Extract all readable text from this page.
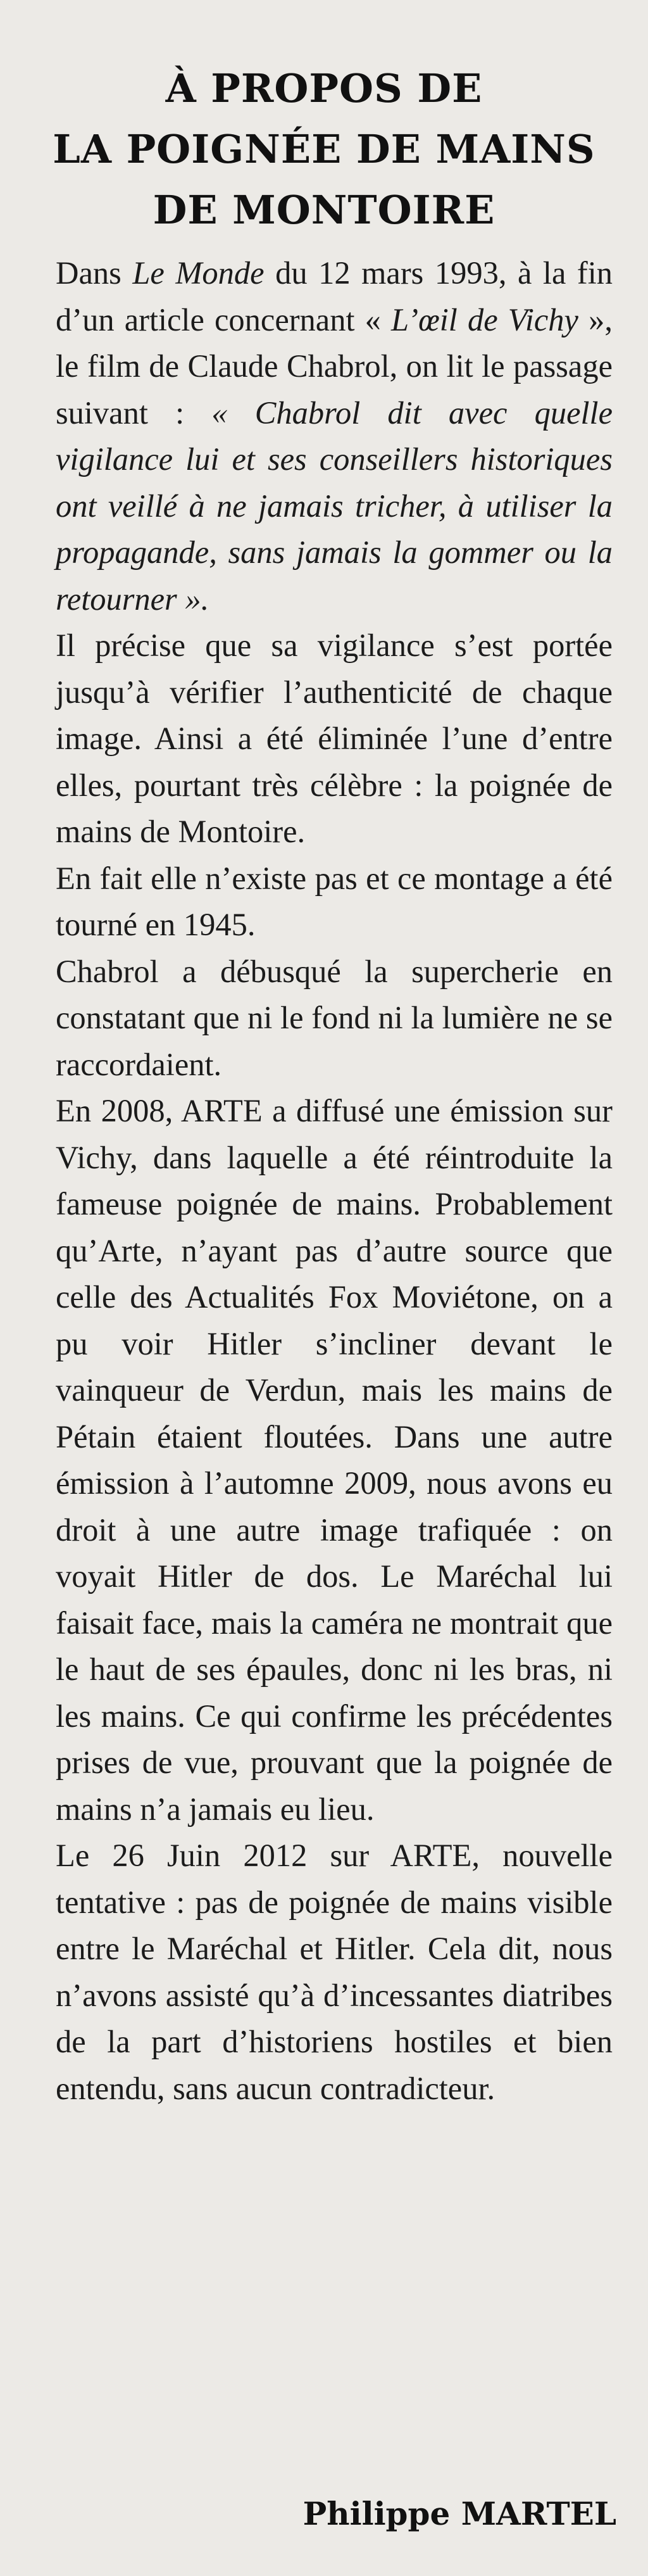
À PROPOS DE
LA POIGNÉE DE MAINS
DE MONTOIRE

Dans Le Monde du 12 mars 1993, à la fin d’un article concernant « L’œil de Vichy », le film de Claude Chabrol, on lit le passage suivant : « Chabrol dit avec quelle vigilance lui et ses conseillers historiques ont veillé à ne jamais tricher, à utiliser la propagande, sans jamais la gommer ou la retourner ».

Il précise que sa vigilance s’est portée jusqu’à vérifier l’authenticité de chaque image. Ainsi a été éliminée l’une d’entre elles, pourtant très célèbre : la poignée de mains de Montoire.

En fait elle n’existe pas et ce montage a été tourné en 1945.

Chabrol a débusqué la supercherie en constatant que ni le fond ni la lumière ne se raccordaient.

En 2008, ARTE a diffusé une émission sur Vichy, dans laquelle a été réintroduite la fameuse poignée de mains. Probablement qu’Arte, n’ayant pas d’autre source que celle des Actualités Fox Moviétone, on a pu voir Hitler s’incliner devant le vainqueur de Verdun, mais les mains de Pétain étaient floutées. Dans une autre émission à l’automne 2009, nous avons eu droit à une autre image trafiquée : on voyait Hitler de dos. Le Maréchal lui faisait face, mais la caméra ne montrait que le haut de ses épaules, donc ni les bras, ni les mains. Ce qui confirme les précédentes prises de vue, prouvant que la poignée de mains n’a jamais eu lieu.

Le 26 Juin 2012 sur ARTE, nouvelle tentative : pas de poignée de mains visible entre le Maréchal et Hitler. Cela dit, nous n’avons assisté qu’à d’incessantes diatribes de la part d’historiens hostiles et bien entendu, sans aucun contradicteur.

Philippe MARTEL
